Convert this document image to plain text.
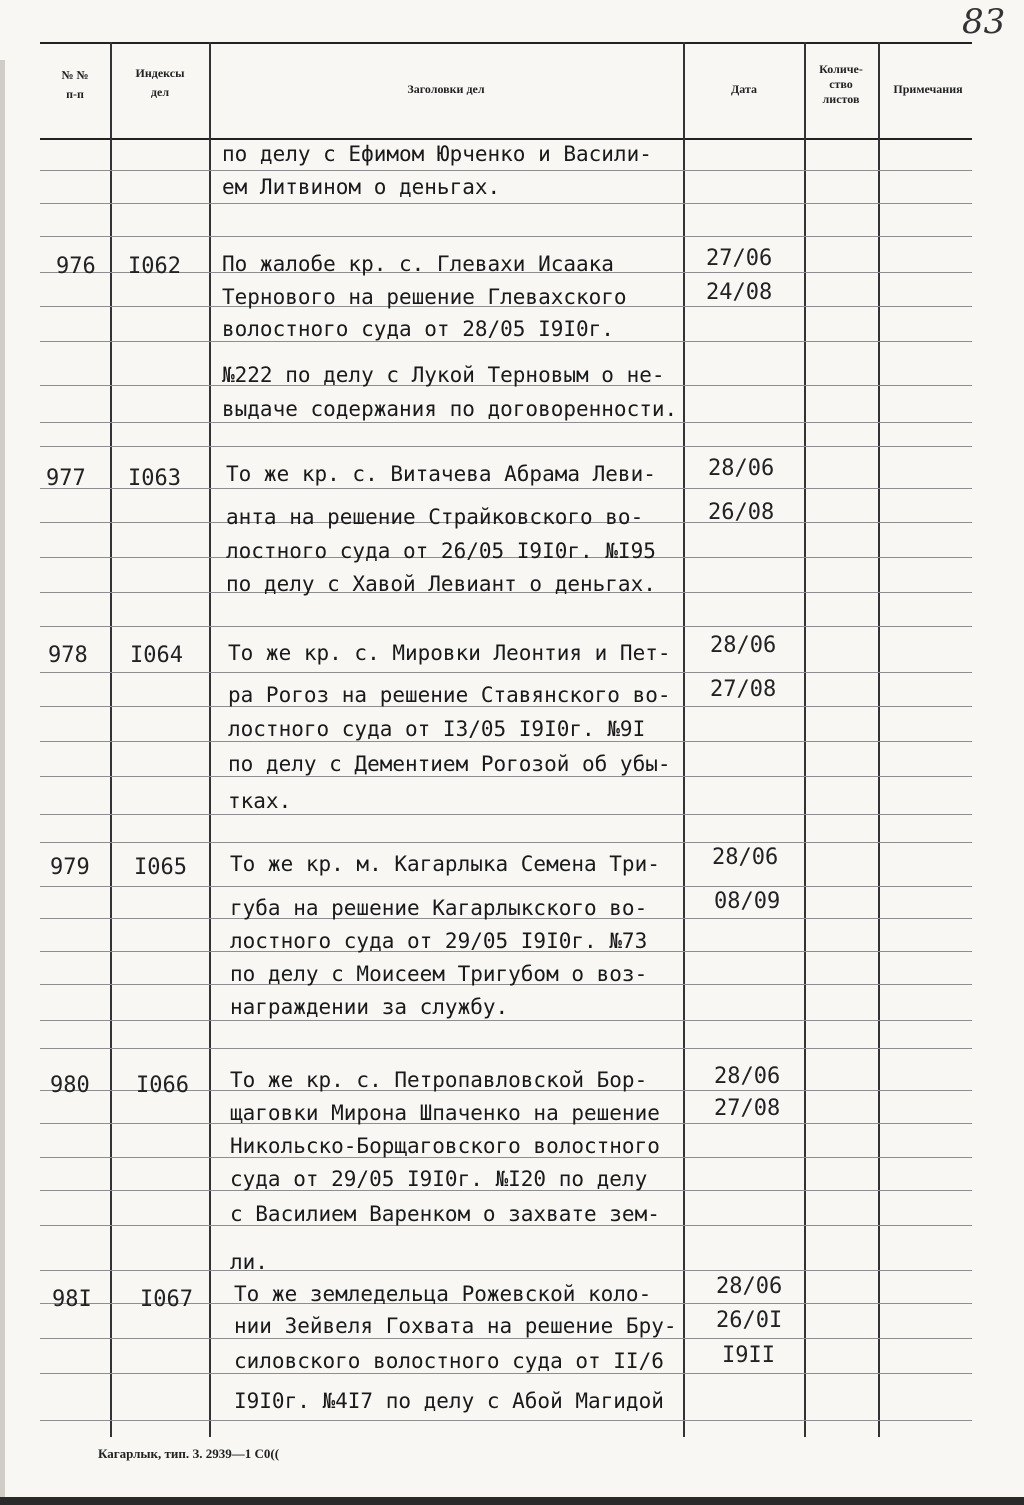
83
№ №
п-п
Индексы
дел	Заголовки дел	Дата
Количе-
ство
листов
Примечания
по делу с Ефимом Юрченко и Васили-
ем Литвином о деньгах.
976 I062 По жалобе кр. с. Глевахи Исаака
Тернового на решение Глевахского
волостного суда от 28/05 I9I0г.
№222 по делу с Лукой Терновым о не-
выдаче содержания по договоренности.
27/06
24/08
977 I063 То же кр. с. Витачева Абрама Леви-
анта на решение Страйковского во-
лостного суда от 26/05 I9I0г. №I95
по делу с Хавой Левиант о деньгах.
28/06
26/08
978 I064 То же кр. с. Мировки Леонтия и Пет-
ра Рогоз на решение Ставянского во-
лостного суда от I3/05 I9I0г. №9I
по делу с Дементием Рогозой об убы-
тках.
28/06
27/08
979 I065 То же кр. м. Кагарлыка Семена Три-
губа на решение Кагарлыкского во-
лостного суда от 29/05 I9I0г. №73
по делу с Моисеем Тригубом о воз-
награждении за службу.
28/06
08/09
980 I066 То же кр. с. Петропавловской Бор-
щаговки Мирона Шпаченко на решение
Никольско-Борщаговского волостного
суда от 29/05 I9I0г. №I20 по делу
с Василием Варенком о захвате зем-
ли.
28/06
27/08
98I I067 То же земледельца Рожевской коло-
нии Зейвеля Гохвата на решение Бру-
силовского волостного суда от II/6
I9I0г. №4I7 по делу с Абой Магидой
28/06
26/0I
I9II
Кагарлык, тип. З. 2939—1 C0((
